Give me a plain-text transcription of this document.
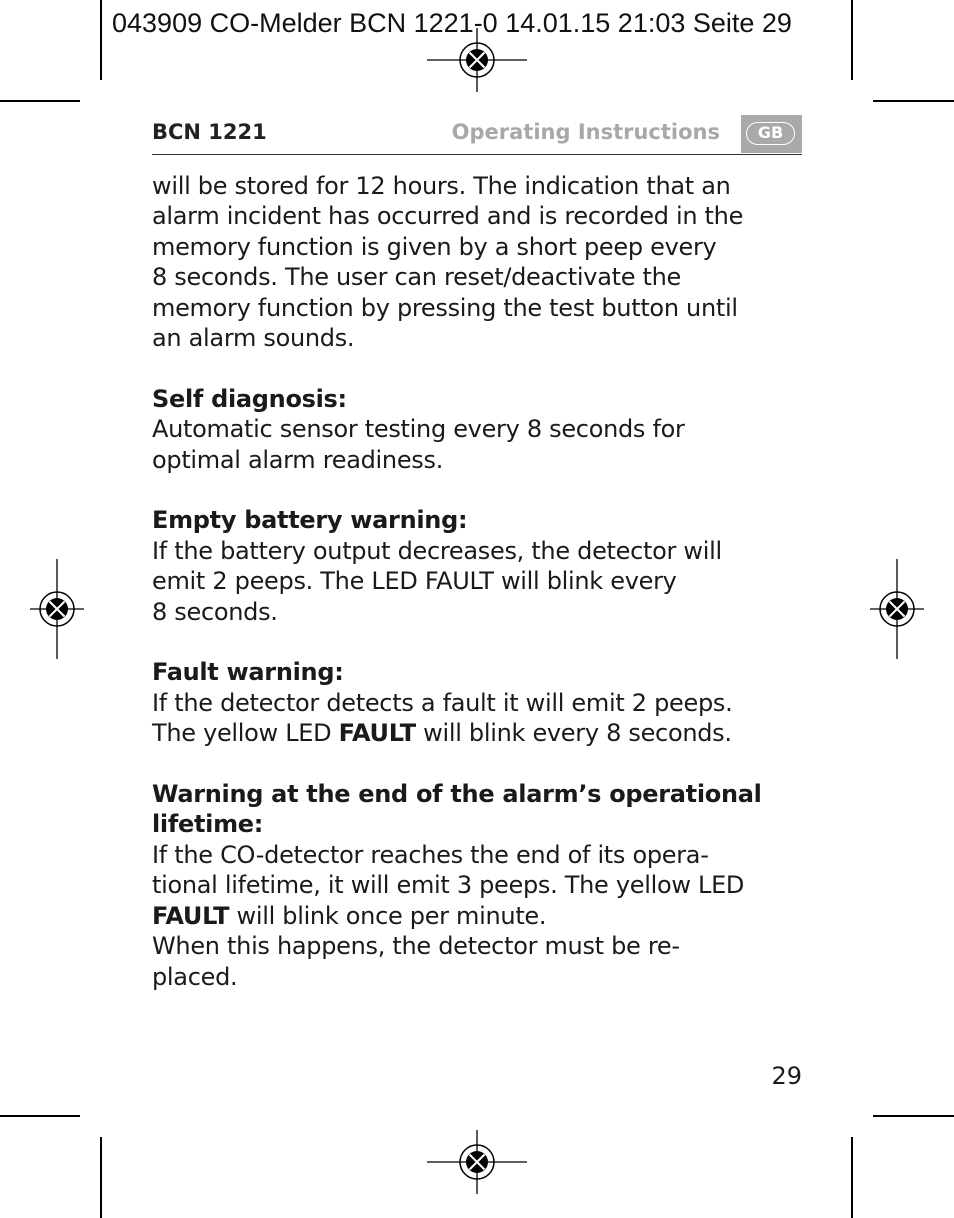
043909 CO-Melder BCN 1221-0 14.01.15 21:03 Seite 29
BCN 1221	Operating Instructions	GB

will be stored for 12 hours. The indication that an
alarm incident has occurred and is recorded in the
memory function is given by a short peep every
8 seconds. The user can reset/deactivate the
memory function by pressing the test button until
an alarm sounds.

Self diagnosis:
Automatic sensor testing every 8 seconds for
optimal alarm readiness.

Empty battery warning:
If the battery output decreases, the detector will
emit 2 peeps. The LED FAULT will blink every
8 seconds.

Fault warning:
If the detector detects a fault it will emit 2 peeps.
The yellow LED FAULT will blink every 8 seconds.

Warning at the end of the alarm’s operational
lifetime:
If the CO-detector reaches the end of its opera-
tional lifetime, it will emit 3 peeps. The yellow LED
FAULT will blink once per minute.
When this happens, the detector must be re-
placed.

29
